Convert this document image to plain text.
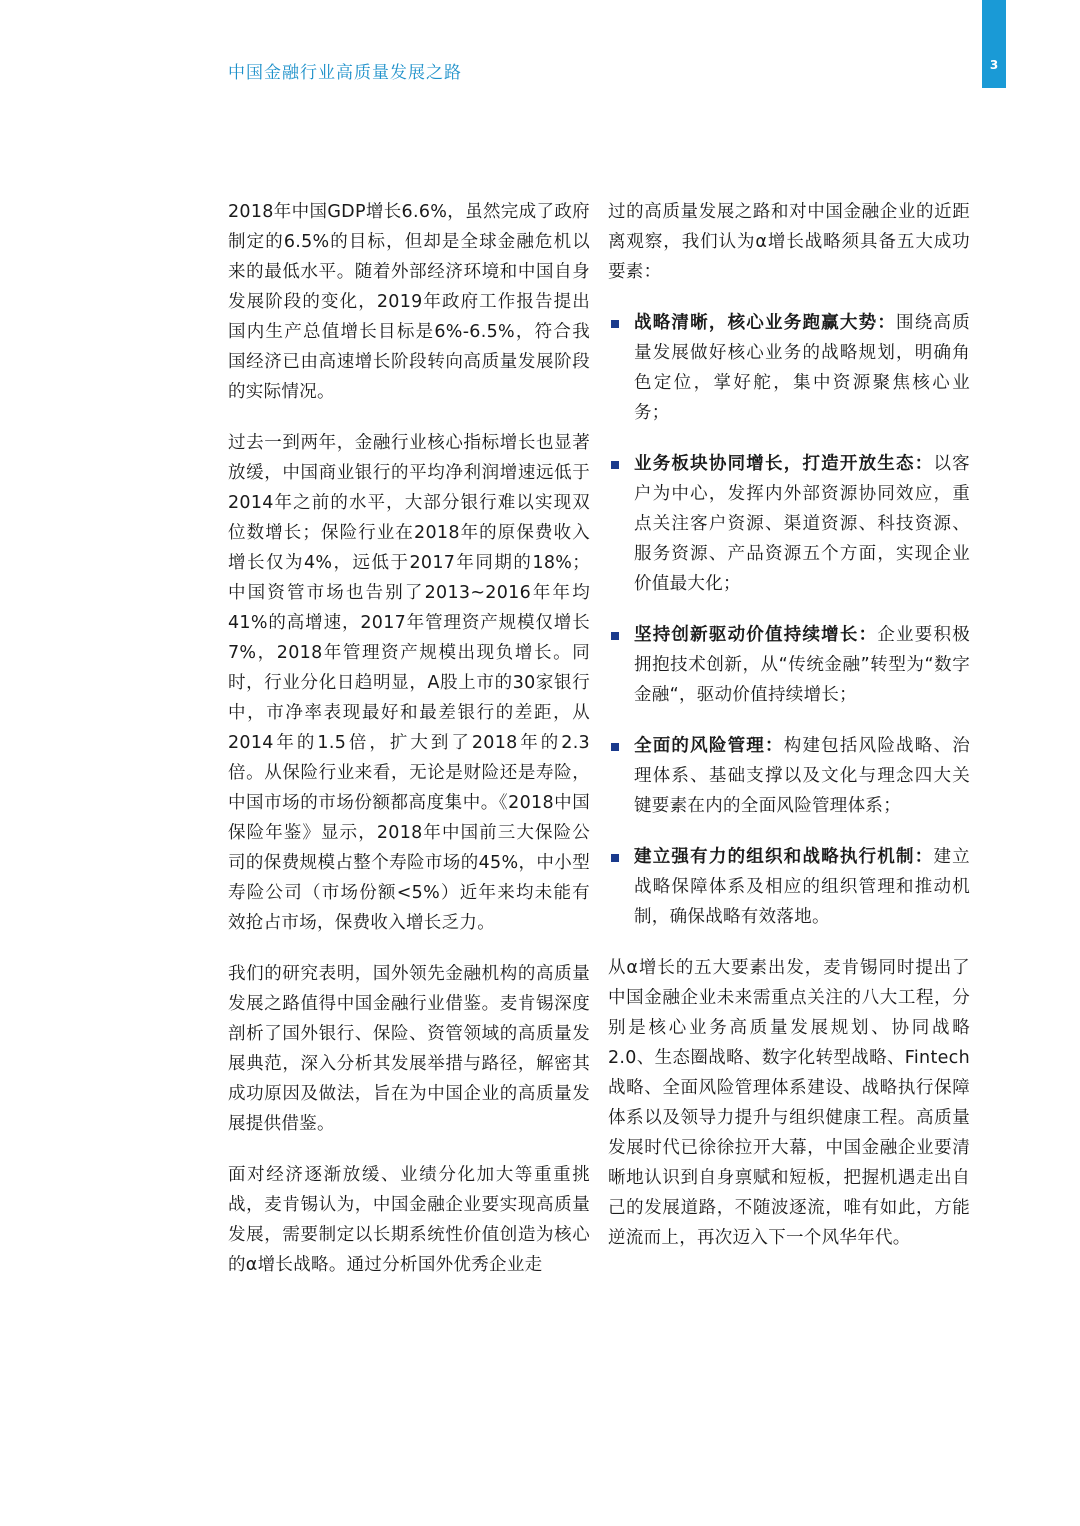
中国金融行业高质量发展之路	3

2018年中国GDP增长6.6%，虽然完成了政府制定的6.5%的目标，但却是全球金融危机以来的最低水平。随着外部经济环境和中国自身发展阶段的变化，2019年政府工作报告提出国内生产总值增长目标是6%-6.5%，符合我国经济已由高速增长阶段转向高质量发展阶段的实际情况。

过去一到两年，金融行业核心指标增长也显著放缓，中国商业银行的平均净利润增速远低于2014年之前的水平，大部分银行难以实现双位数增长；保险行业在2018年的原保费收入增长仅为4%，远低于2017年同期的18%；中国资管市场也告别了2013~2016年年均41%的高增速，2017年管理资产规模仅增长7%，2018年管理资产规模出现负增长。同时，行业分化日趋明显，A股上市的30家银行中，市净率表现最好和最差银行的差距，从2014年的1.5倍，扩大到了2018年的2.3倍。从保险行业来看，无论是财险还是寿险，中国市场的市场份额都高度集中。《2018中国保险年鉴》显示，2018年中国前三大保险公司的保费规模占整个寿险市场的45%，中小型寿险公司（市场份额<5%）近年来均未能有效抢占市场，保费收入增长乏力。

我们的研究表明，国外领先金融机构的高质量发展之路值得中国金融行业借鉴。麦肯锡深度剖析了国外银行、保险、资管领域的高质量发展典范，深入分析其发展举措与路径，解密其成功原因及做法，旨在为中国企业的高质量发展提供借鉴。

面对经济逐渐放缓、业绩分化加大等重重挑战，麦肯锡认为，中国金融企业要实现高质量发展，需要制定以长期系统性价值创造为核心的α增长战略。通过分析国外优秀企业走

过的高质量发展之路和对中国金融企业的近距离观察，我们认为α增长战略须具备五大成功要素：

战略清晰，核心业务跑赢大势：围绕高质量发展做好核心业务的战略规划，明确角色定位，掌好舵，集中资源聚焦核心业务；
业务板块协同增长，打造开放生态：以客户为中心，发挥内外部资源协同效应，重点关注客户资源、渠道资源、科技资源、服务资源、产品资源五个方面，实现企业价值最大化；
坚持创新驱动价值持续增长：企业要积极拥抱技术创新，从“传统金融”转型为“数字金融“，驱动价值持续增长；
全面的风险管理：构建包括风险战略、治理体系、基础支撑以及文化与理念四大关键要素在内的全面风险管理体系；
建立强有力的组织和战略执行机制：建立战略保障体系及相应的组织管理和推动机制，确保战略有效落地。

从α增长的五大要素出发，麦肯锡同时提出了中国金融企业未来需重点关注的八大工程，分别是核心业务高质量发展规划、协同战略2.0、生态圈战略、数字化转型战略、Fintech战略、全面风险管理体系建设、战略执行保障体系以及领导力提升与组织健康工程。高质量发展时代已徐徐拉开大幕，中国金融企业要清晰地认识到自身禀赋和短板，把握机遇走出自己的发展道路，不随波逐流，唯有如此，方能逆流而上，再次迈入下一个风华年代。
